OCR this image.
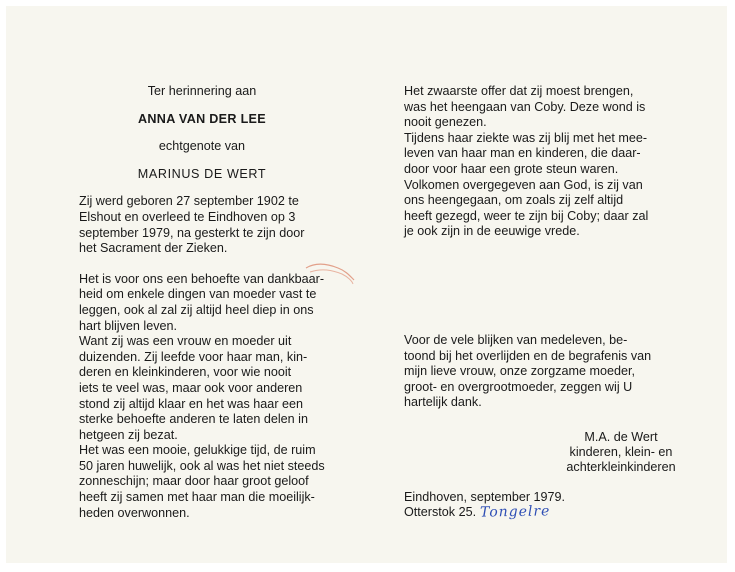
Ter herinnering aan
ANNA VAN DER LEE
echtgenote van
MARINUS DE WERT
Zij werd geboren 27 september 1902 te
Elshout en overleed te Eindhoven op 3
september 1979, na gesterkt te zijn door
het Sacrament der Zieken.
Het is voor ons een behoefte van dankbaar-
heid om enkele dingen van moeder vast te
leggen, ook al zal zij altijd heel diep in ons
hart blijven leven.
Want zij was een vrouw en moeder uit
duizenden. Zij leefde voor haar man, kin-
deren en kleinkinderen, voor wie nooit
iets te veel was, maar ook voor anderen
stond zij altijd klaar en het was haar een
sterke behoefte anderen te laten delen in
hetgeen zij bezat.
Het was een mooie, gelukkige tijd, de ruim
50 jaren huwelijk, ook al was het niet steeds
zonneschijn; maar door haar groot geloof
heeft zij samen met haar man die moeilijk-
heden overwonnen.
Het zwaarste offer dat zij moest brengen,
was het heengaan van Coby. Deze wond is
nooit genezen.
Tijdens haar ziekte was zij blij met het mee-
leven van haar man en kinderen, die daar-
door voor haar een grote steun waren.
Volkomen overgegeven aan God, is zij van
ons heengegaan, om zoals zij zelf altijd
heeft gezegd, weer te zijn bij Coby; daar zal
je ook zijn in de eeuwige vrede.
Voor de vele blijken van medeleven, be-
toond bij het overlijden en de begrafenis van
mijn lieve vrouw, onze zorgzame moeder,
groot- en overgrootmoeder, zeggen wij U
hartelijk dank.
M.A. de Wert
kinderen, klein- en
achterkleinkinderen
Eindhoven, september 1979.
Otterstok 25. Tongelre
